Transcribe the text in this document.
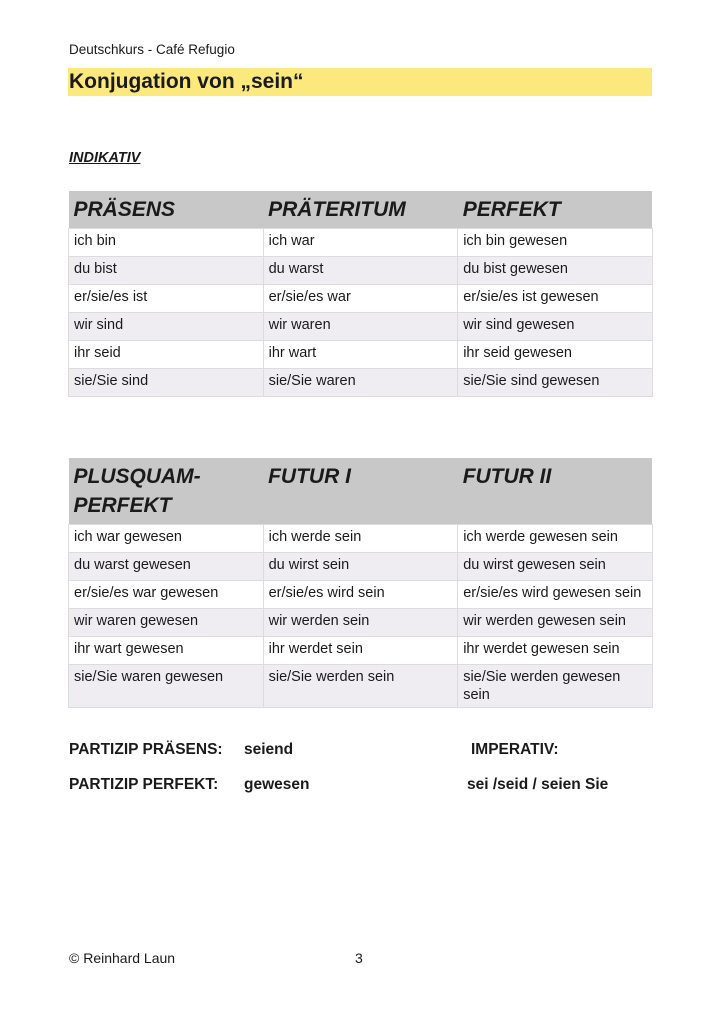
Deutschkurs - Café Refugio
Konjugation von „sein“
INDIKATIV
PRÄSENS	PRÄTERITUM	PERFEKT
ich bin	ich war	ich bin gewesen
du bist	du warst	du bist gewesen
er/sie/es ist	er/sie/es war	er/sie/es ist gewesen
wir sind	wir waren	wir sind gewesen
ihr seid	ihr wart	ihr seid gewesen
sie/Sie sind	sie/Sie waren	sie/Sie sind gewesen
PLUSQUAM-PERFEKT	FUTUR I	FUTUR II
ich war gewesen	ich werde sein	ich werde gewesen sein
du warst gewesen	du wirst sein	du wirst gewesen sein
er/sie/es war gewesen	er/sie/es wird sein	er/sie/es wird gewesen sein
wir waren gewesen	wir werden sein	wir werden gewesen sein
ihr wart gewesen	ihr werdet sein	ihr werdet gewesen sein
sie/Sie waren gewesen	sie/Sie werden sein	sie/Sie werden gewesen sein
PARTIZIP PRÄSENS: seiend
PARTIZIP PERFEKT: gewesen
IMPERATIV:
sei /seid / seien Sie
© Reinhard Laun	3
